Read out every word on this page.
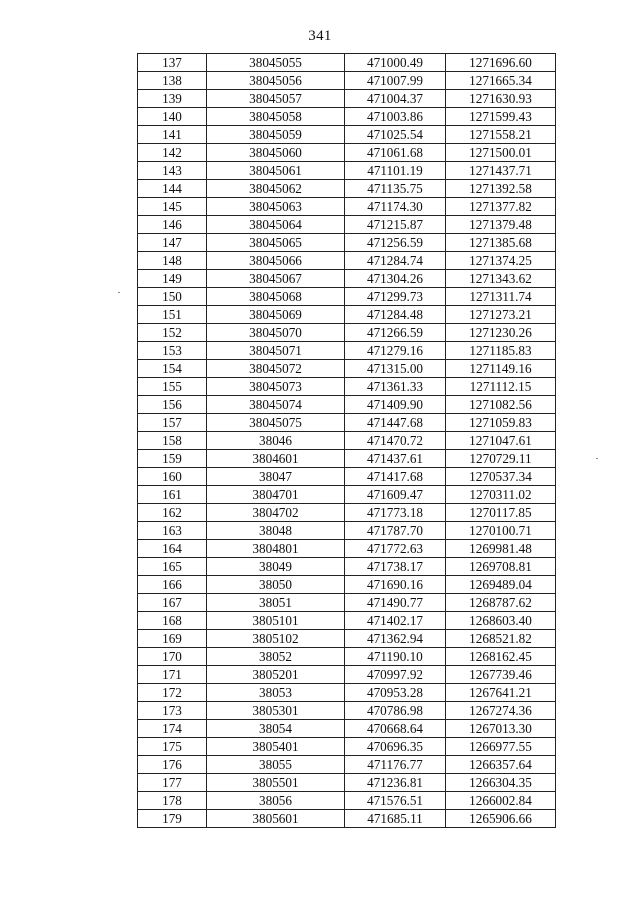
341
137	38045055	471000.49	1271696.60
138	38045056	471007.99	1271665.34
139	38045057	471004.37	1271630.93
140	38045058	471003.86	1271599.43
141	38045059	471025.54	1271558.21
142	38045060	471061.68	1271500.01
143	38045061	471101.19	1271437.71
144	38045062	471135.75	1271392.58
145	38045063	471174.30	1271377.82
146	38045064	471215.87	1271379.48
147	38045065	471256.59	1271385.68
148	38045066	471284.74	1271374.25
149	38045067	471304.26	1271343.62
150	38045068	471299.73	1271311.74
151	38045069	471284.48	1271273.21
152	38045070	471266.59	1271230.26
153	38045071	471279.16	1271185.83
154	38045072	471315.00	1271149.16
155	38045073	471361.33	1271112.15
156	38045074	471409.90	1271082.56
157	38045075	471447.68	1271059.83
158	38046	471470.72	1271047.61
159	3804601	471437.61	1270729.11
160	38047	471417.68	1270537.34
161	3804701	471609.47	1270311.02
162	3804702	471773.18	1270117.85
163	38048	471787.70	1270100.71
164	3804801	471772.63	1269981.48
165	38049	471738.17	1269708.81
166	38050	471690.16	1269489.04
167	38051	471490.77	1268787.62
168	3805101	471402.17	1268603.40
169	3805102	471362.94	1268521.82
170	38052	471190.10	1268162.45
171	3805201	470997.92	1267739.46
172	38053	470953.28	1267641.21
173	3805301	470786.98	1267274.36
174	38054	470668.64	1267013.30
175	3805401	470696.35	1266977.55
176	38055	471176.77	1266357.64
177	3805501	471236.81	1266304.35
178	38056	471576.51	1266002.84
179	3805601	471685.11	1265906.66
